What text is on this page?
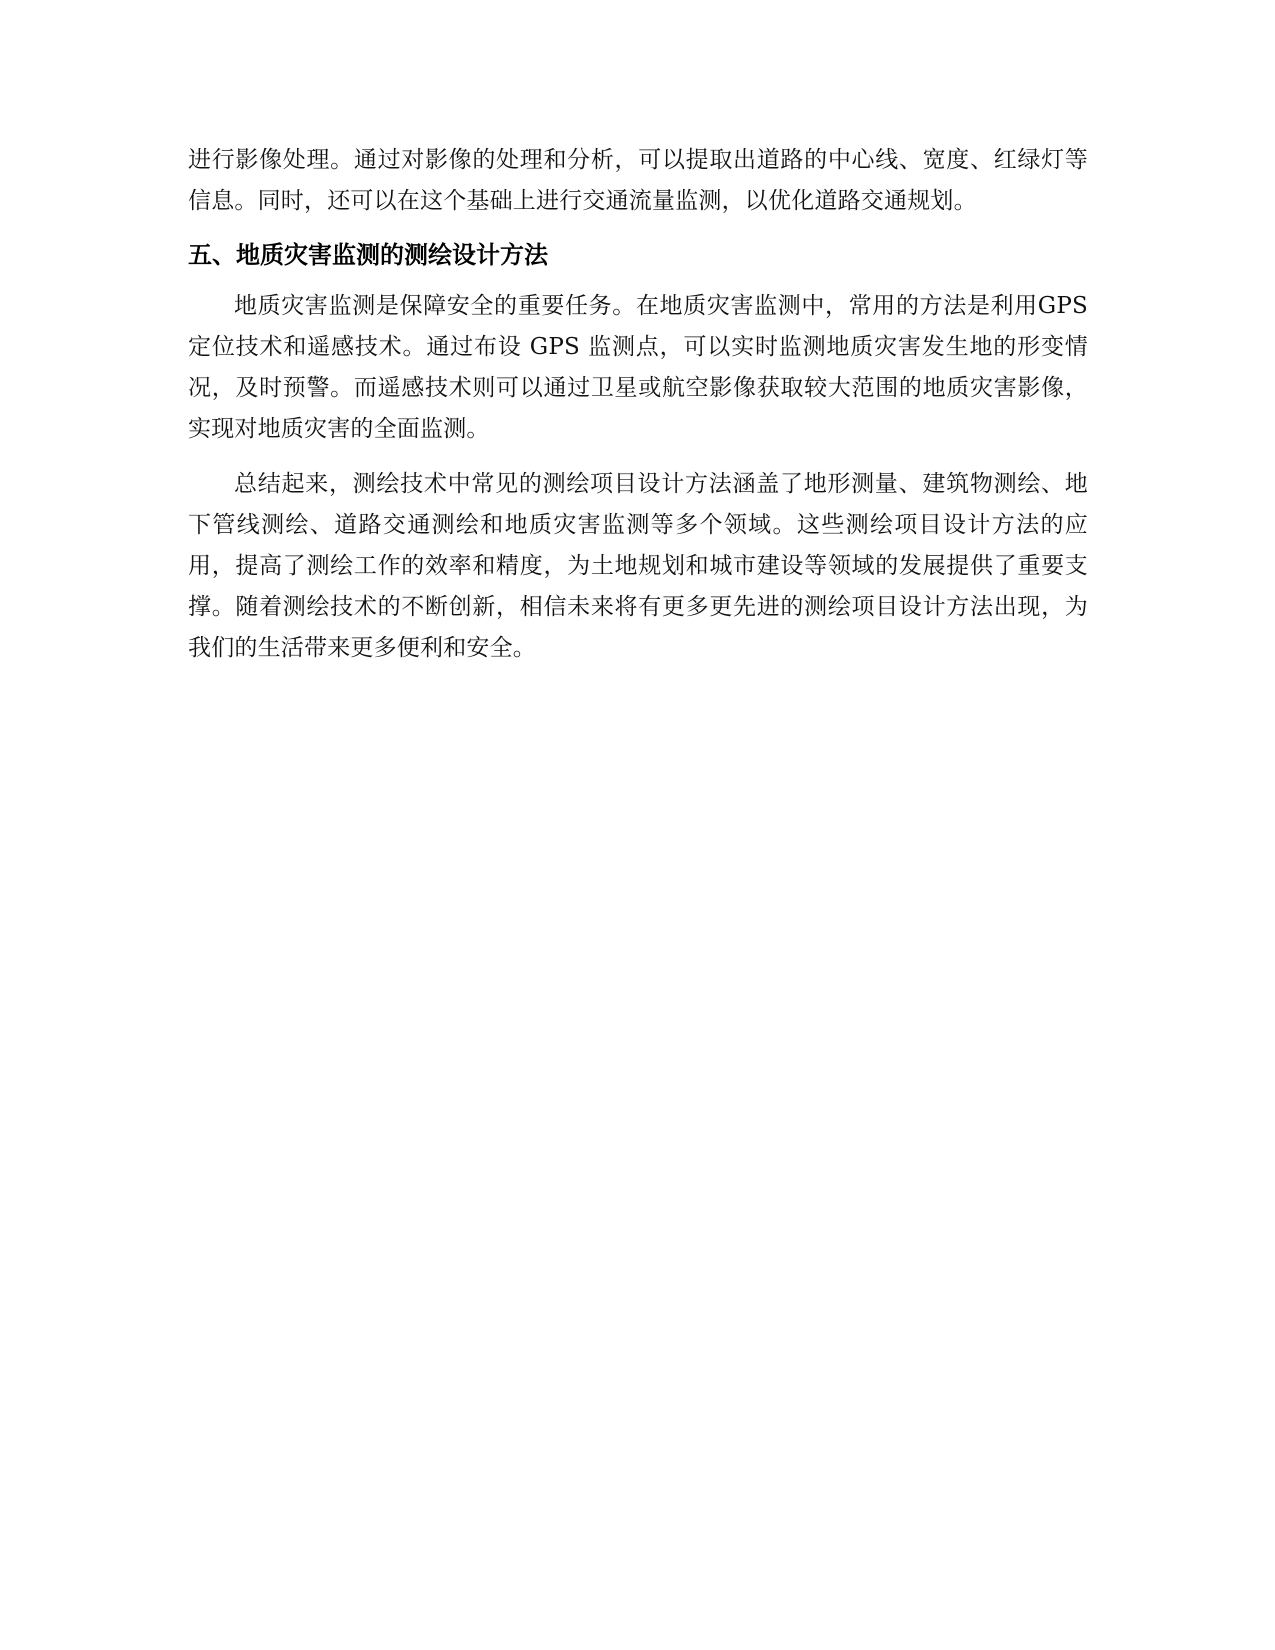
进行影像处理。通过对影像的处理和分析，可以提取出道路的中心线、宽度、红绿灯等信息。同时，还可以在这个基础上进行交通流量监测，以优化道路交通规划。

五、地质灾害监测的测绘设计方法

地质灾害监测是保障安全的重要任务。在地质灾害监测中，常用的方法是利用GPS 定位技术和遥感技术。通过布设 GPS 监测点，可以实时监测地质灾害发生地的形变情况，及时预警。而遥感技术则可以通过卫星或航空影像获取较大范围的地质灾害影像，实现对地质灾害的全面监测。

总结起来，测绘技术中常见的测绘项目设计方法涵盖了地形测量、建筑物测绘、地下管线测绘、道路交通测绘和地质灾害监测等多个领域。这些测绘项目设计方法的应用，提高了测绘工作的效率和精度，为土地规划和城市建设等领域的发展提供了重要支撑。随着测绘技术的不断创新，相信未来将有更多更先进的测绘项目设计方法出现，为我们的生活带来更多便利和安全。
